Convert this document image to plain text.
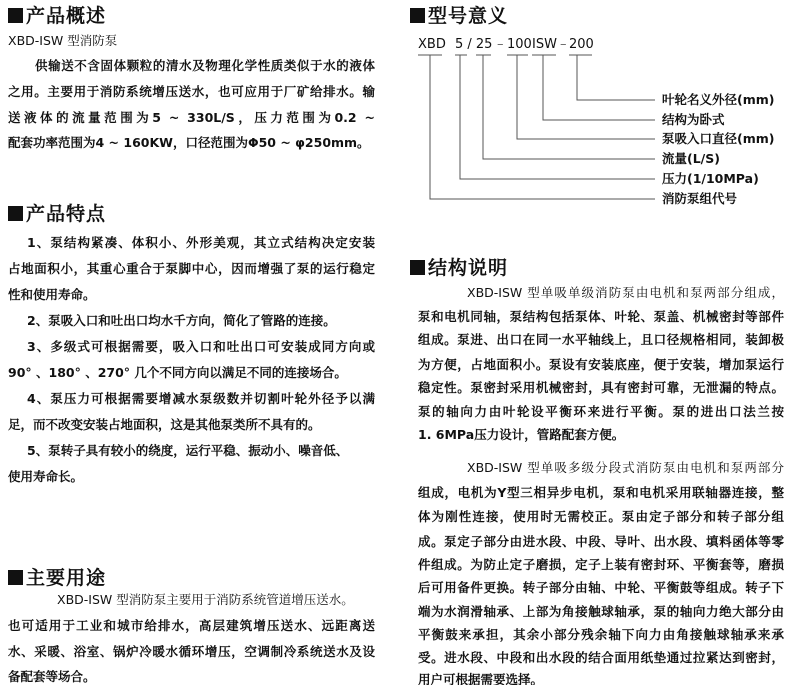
产品概述
XBD-ISW 型消防泵
供输送不含固体颗粒的清水及物理化学性质类似于水的液体
之用。主要用于消防系统增压送水，也可应用于厂矿给排水。输
送液体的流量范围为5 ~ 330L/S，压力范围为0.2 ~
配套功率范围为4 ~ 160KW，口径范围为Φ50 ~ φ250mm。
产品特点
1、泵结构紧凑、体积小、外形美观，其立式结构决定安装
占地面积小，其重心重合于泵脚中心，因而增强了泵的运行稳定
性和使用寿命。
2、泵吸入口和吐出口均水千方向，简化了管路的连接。
3、多级式可根据需要，吸入口和吐出口可安装成同方向或
90° 、180° 、270° 几个不同方向以满足不同的连接场合。
4、泵压力可根据需要增减水泵级数并切割叶轮外径予以满
足，而不改变安装占地面积，这是其他泵类所不具有的。
5、泵转子具有较小的绕度，运行平稳、振动小、噪音低、
使用寿命长。
主要用途
XBD-ISW 型消防泵主要用于消防系统管道增压送水。
也可适用于工业和城市给排水，高层建筑增压送水、远距离送
水、采暖、浴室、锅炉冷暖水循环增压，空调制冷系统送水及设
备配套等场合。
型号意义
XBD 5 / 25 – 100 ISW – 200
叶轮名义外径(mm)
结构为卧式
泵吸入口直径(mm)
流量(L/S)
压力(1/10MPa)
消防泵组代号
结构说明
XBD-ISW 型单吸单级消防泵由电机和泵两部分组成，
泵和电机同轴，泵结构包括泵体、叶轮、泵盖、机械密封等部件
组成。泵进、出口在同一水平轴线上，且口径规格相同，装卸极
为方便，占地面积小。泵设有安装底座，便于安装，增加泵运行
稳定性。泵密封采用机械密封，具有密封可靠，无泄漏的特点。
泵的轴向力由叶轮设平衡环来进行平衡。泵的进出口法兰按
1. 6MPa压力设计，管路配套方便。
XBD-ISW 型单吸多级分段式消防泵由电机和泵两部分
组成，电机为Y型三相异步电机，泵和电机采用联轴器连接，整
体为刚性连接，使用时无需校正。泵由定子部分和转子部分组
成。泵定子部分由进水段、中段、导叶、出水段、填料函体等零
件组成。为防止定子磨损，定子上装有密封环、平衡套等，磨损
后可用备件更换。转子部分由轴、中轮、平衡鼓等组成。转子下
端为水润滑轴承、上部为角接触球轴承，泵的轴向力绝大部分由
平衡鼓来承担，其余小部分残余轴下向力由角接触球轴承来承
受。进水段、中段和出水段的结合面用纸垫通过拉紧达到密封，
用户可根据需要选择。
